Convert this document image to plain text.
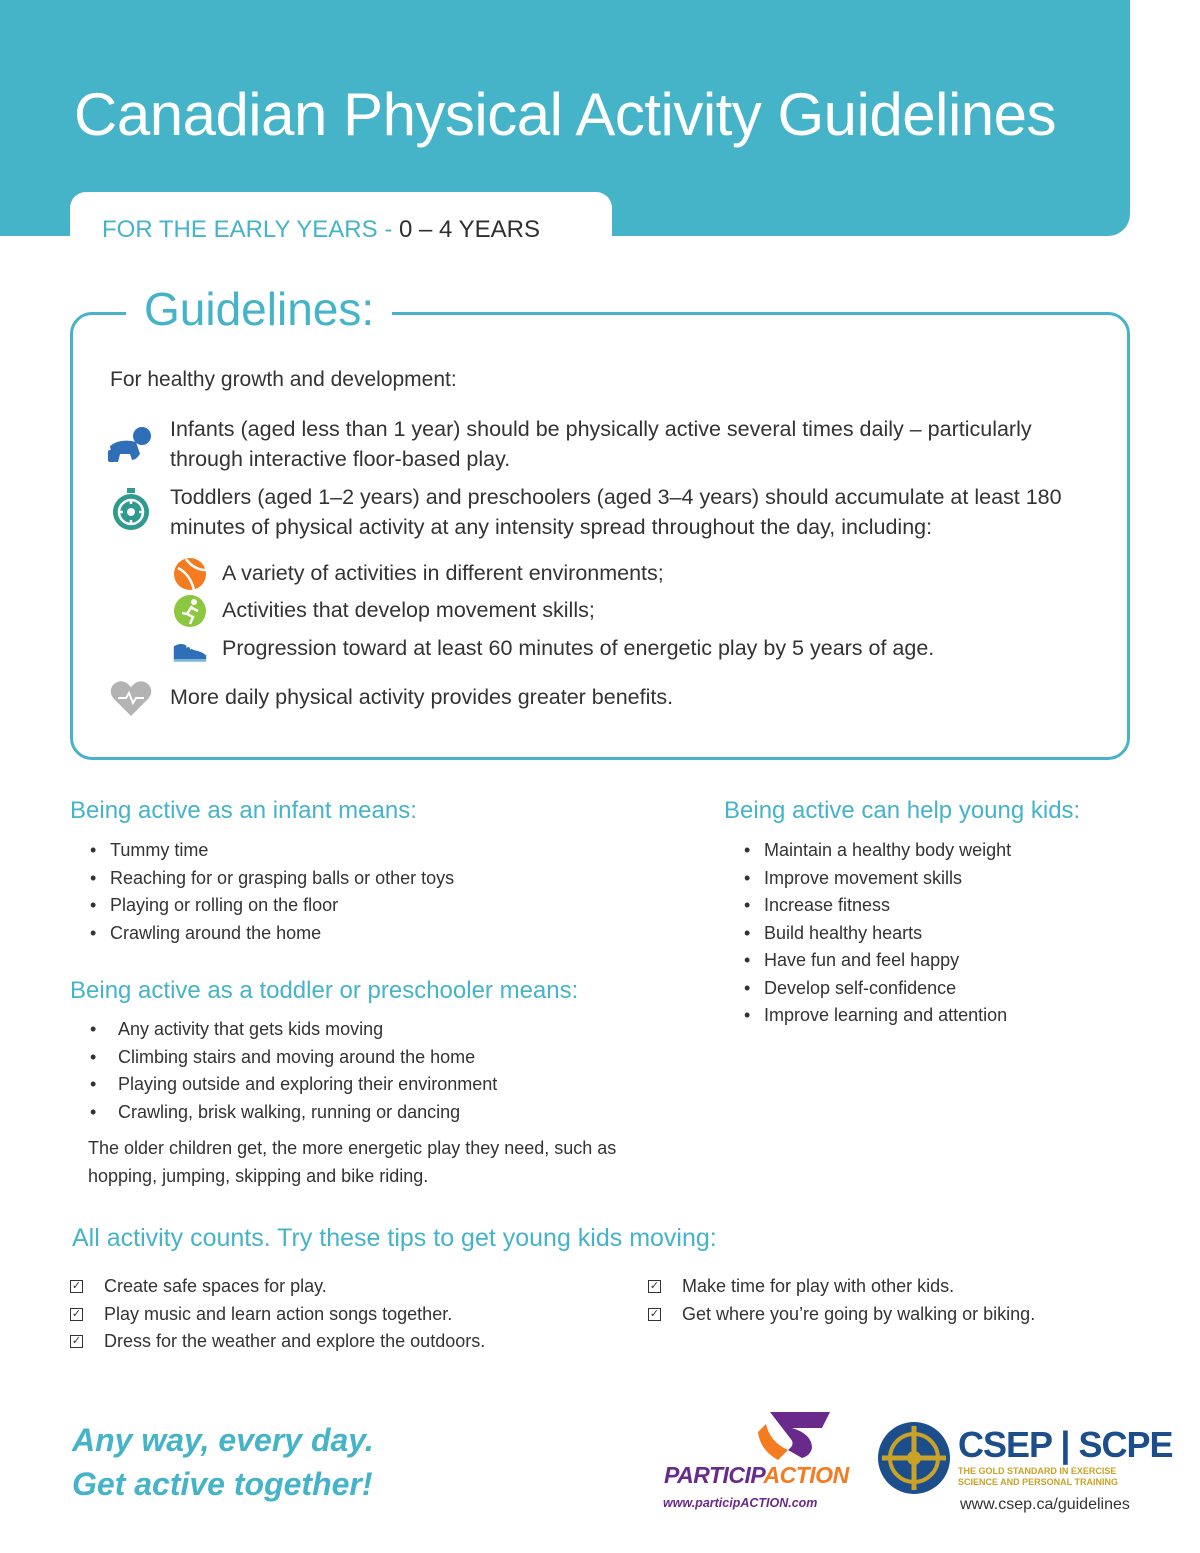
Canadian Physical Activity Guidelines
FOR THE EARLY YEARS - 0 – 4 YEARS
Guidelines:
For healthy growth and development:
Infants (aged less than 1 year) should be physically active several times daily – particularly through interactive floor-based play.
Toddlers (aged 1–2 years) and preschoolers (aged 3–4 years) should accumulate at least 180 minutes of physical activity at any intensity spread throughout the day, including:
A variety of activities in different environments;
Activities that develop movement skills;
Progression toward at least 60 minutes of energetic play by 5 years of age.
More daily physical activity provides greater benefits.
Being active as an infant means:
• Tummy time
• Reaching for or grasping balls or other toys
• Playing or rolling on the floor
• Crawling around the home
Being active as a toddler or preschooler means:
• Any activity that gets kids moving
• Climbing stairs and moving around the home
• Playing outside and exploring their environment
• Crawling, brisk walking, running or dancing
The older children get, the more energetic play they need, such as hopping, jumping, skipping and bike riding.
Being active can help young kids:
• Maintain a healthy body weight
• Improve movement skills
• Increase fitness
• Build healthy hearts
• Have fun and feel happy
• Develop self-confidence
• Improve learning and attention
All activity counts. Try these tips to get young kids moving:
✓ Create safe spaces for play.
✓ Play music and learn action songs together.
✓ Dress for the weather and explore the outdoors.
✓ Make time for play with other kids.
✓ Get where you’re going by walking or biking.
Any way, every day.
Get active together!	PARTICIPACTION
www.participACTION.com
CSEP | SCPE
THE GOLD STANDARD IN EXERCISE
SCIENCE AND PERSONAL TRAINING
www.csep.ca/guidelines
